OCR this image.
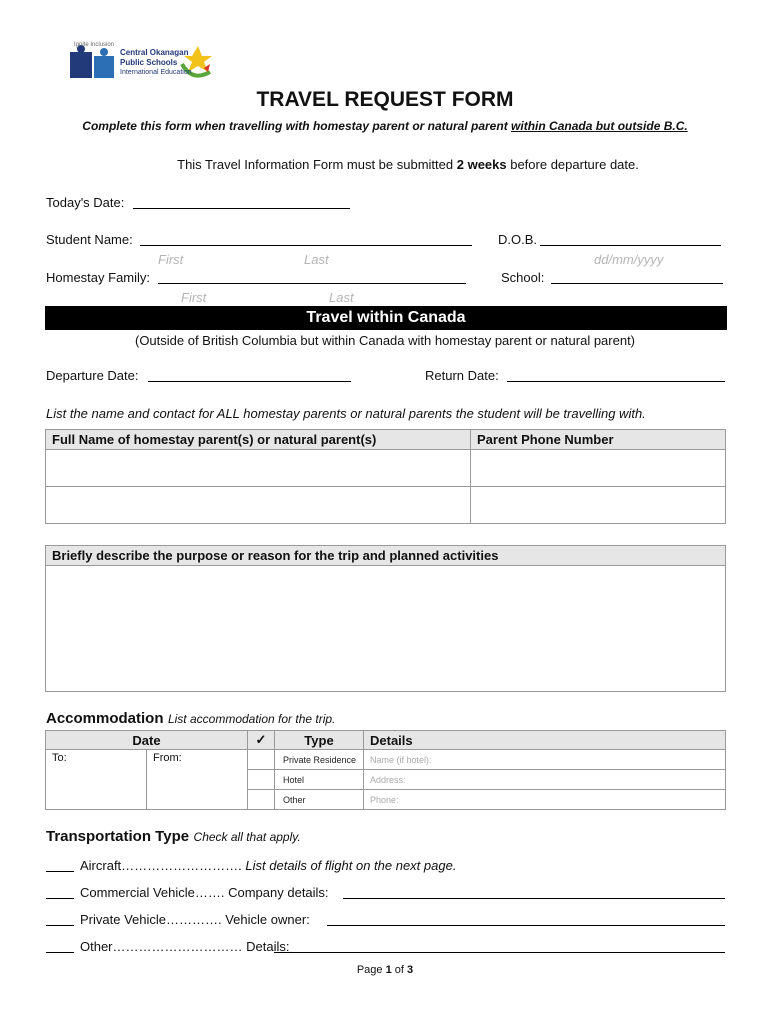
Ignite Inclusion
Central Okanagan
Public Schools
International Education
TRAVEL REQUEST FORM
Complete this form when travelling with homestay parent or natural parent within Canada but outside B.C.
This Travel Information Form must be submitted 2 weeks before departure date.
Today's Date:
Student Name:
First	Last
D.O.B.
dd/mm/yyyy
Homestay Family:
First	Last
School:
Travel within Canada
(Outside of British Columbia but within Canada with homestay parent or natural parent)
Departure Date:	Return Date:
List the name and contact for ALL homestay parents or natural parents the student will be travelling with.
Full Name of homestay parent(s) or natural parent(s)	Parent Phone Number

Briefly describe the purpose or reason for the trip and planned activities

Accommodation List accommodation for the trip.
Date		✓	Type	Details
To:	From:		Private Residence	Name (if hotel):
			Hotel	Address:
			Other	Phone:
Transportation Type Check all that apply.
Aircraft………………………. List details of flight on the next page.
Commercial Vehicle……. Company details:
Private Vehicle…………. Vehicle owner:
Other………………………… Details:
Page 1 of 3
